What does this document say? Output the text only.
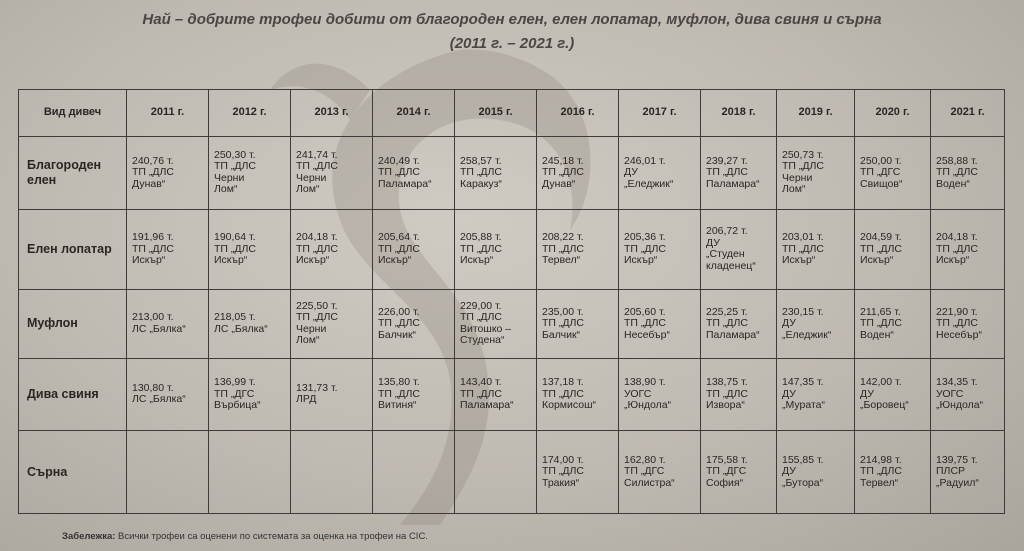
Най – добрите трофеи добити от благороден елен, елен лопатар, муфлон, дива свиня и сърна
(2011 г. – 2021 г.)
Вид дивеч	2011 г.	2012 г.	2013 г.	2014 г.	2015 г.	2016 г.	2017 г.	2018 г.	2019 г.	2020 г.	2021 г.
Благороден елен	240,76 т.
ТП „ДЛС
Дунав“	250,30 т.
ТП „ДЛС
Черни
Лом“	241,74 т.
ТП „ДЛС
Черни
Лом“	240,49 т.
ТП „ДЛС
Паламара“	258,57 т.
ТП „ДЛС
Каракуз“	245,18 т.
ТП „ДЛС
Дунав“	246,01 т.
ДУ
„Еледжик“	239,27 т.
ТП „ДЛС
Паламара“	250,73 т.
ТП „ДЛС
Черни
Лом“	250,00 т.
ТП „ДГС
Свищов“	258,88 т.
ТП „ДЛС
Воден“
Елен лопатар	191,96 т.
ТП „ДЛС
Искър“	190,64 т.
ТП „ДЛС
Искър“	204,18 т.
ТП „ДЛС
Искър“	205,64 т.
ТП „ДЛС
Искър“	205,88 т.
ТП „ДЛС
Искър“	208,22 т.
ТП „ДЛС
Тервел“	205,36 т.
ТП „ДЛС
Искър“	206,72 т.
ДУ
„Студен
кладенец“	203,01 т.
ТП „ДЛС
Искър“	204,59 т.
ТП „ДЛС
Искър“	204,18 т.
ТП „ДЛС
Искър“
Муфлон	213,00 т.
ЛС „Бялка“	218,05 т.
ЛС „Бялка“	225,50 т.
ТП „ДЛС
Черни
Лом“	226,00 т.
ТП „ДЛС
Балчик“	229,00 т.
ТП „ДЛС
Витошко –
Студена“	235,00 т.
ТП „ДЛС
Балчик“	205,60 т.
ТП „ДЛС
Несебър“	225,25 т.
ТП „ДЛС
Паламара“	230,15 т.
ДУ
„Еледжик“	211,65 т.
ТП „ДЛС
Воден“	221,90 т.
ТП „ДЛС
Несебър“
Дива свиня	130,80 т.
ЛС „Бялка“	136,99 т.
ТП „ДГС
Върбица“	131,73 т.
ЛРД	135,80 т.
ТП „ДЛС
Витиня“	143,40 т.
ТП „ДЛС
Паламара“	137,18 т.
ТП „ДЛС
Кормисош“	138,90 т.
УОГС
„Юндола“	138,75 т.
ТП „ДЛС
Извора“	147,35 т.
ДУ
„Мурата“	142,00 т.
ДУ
„Боровец“	134,35 т.
УОГС
„Юндола“
Сърна						174,00 т.
ТП „ДЛС
Тракия“	162,80 т.
ТП „ДГС
Силистра“	175,58 т.
ТП „ДГС
София“	155,85 т.
ДУ
„Бутора“	214,98 т.
ТП „ДЛС
Тервел“	139,75 т.
ПЛСР
„Радуил“
Забележка: Всички трофеи са оценени по системата за оценка на трофеи на CIC.
